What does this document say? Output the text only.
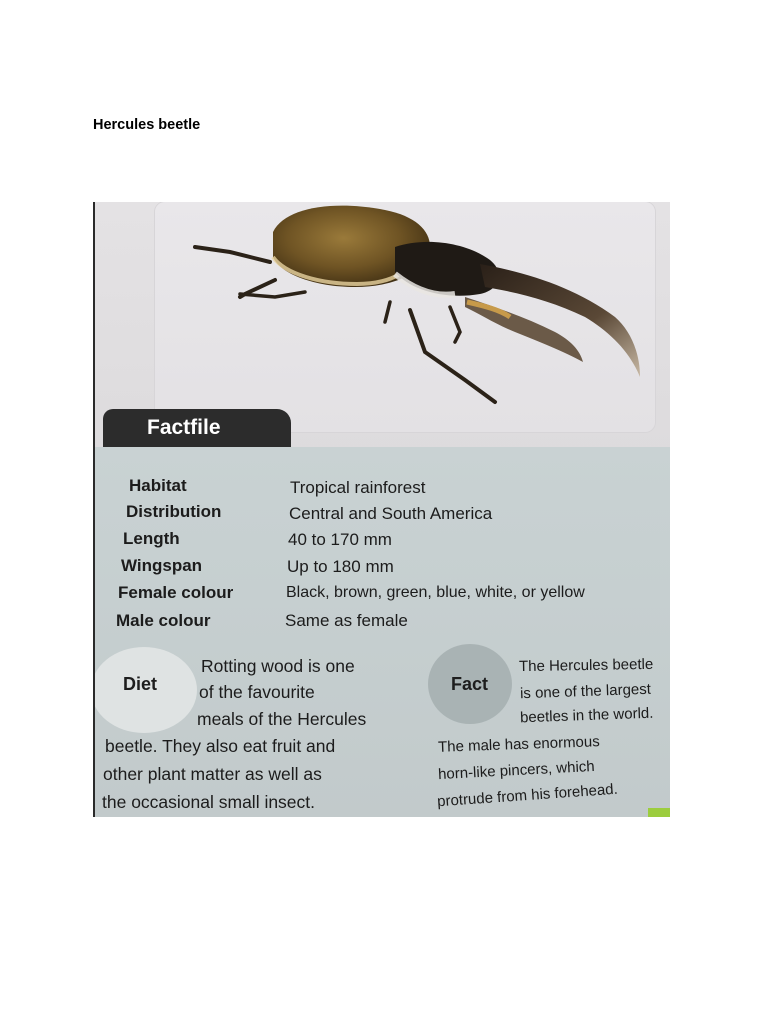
Hercules beetle
Factfile
Habitat	Tropical rainforest
Distribution	Central and South America
Length	40 to 170 mm
Wingspan	Up to 180 mm
Female colour	Black, brown, green, blue, white, or yellow
Male colour	Same as female
Diet
Rotting wood is one
of the favourite
meals of the Hercules
beetle. They also eat fruit and
other plant matter as well as
the occasional small insect.
Fact
The Hercules beetle
is one of the largest
beetles in the world.
The male has enormous
horn-like pincers, which
protrude from his forehead.
